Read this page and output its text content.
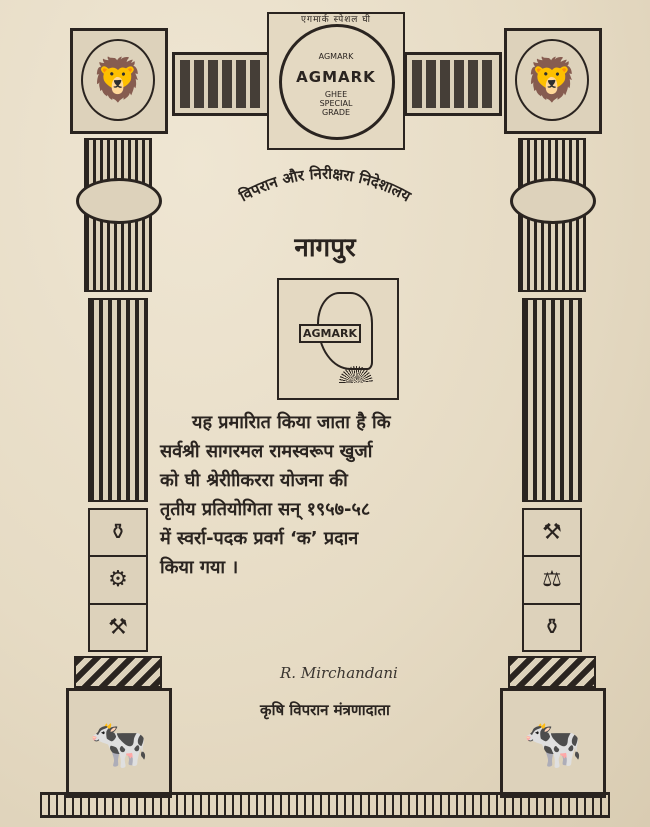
🦁
⚱
⚙
⚒
🐄
🦁
⚒
⚖
⚱
🐄
एगमार्क स्पेशल घी
AGMARK
AGMARK
GHEE
SPECIAL
GRADE
विपरान और निरीक्षरा निदेशालय
नागपुर
AGMARK
यह प्रमारिात किया जाता है कि
सर्वश्री सागरमल रामस्वरूप खुर्जा
को घी श्रेरीाीकररा योजना की
तृतीय प्रतियोगिता सन् १९५७-५८
में स्वर्रा-पदक प्रवर्ग ‘क’ प्रदान
किया गया ।
R. Mirchandani
कृषि विपरान मंत्रणादाता
